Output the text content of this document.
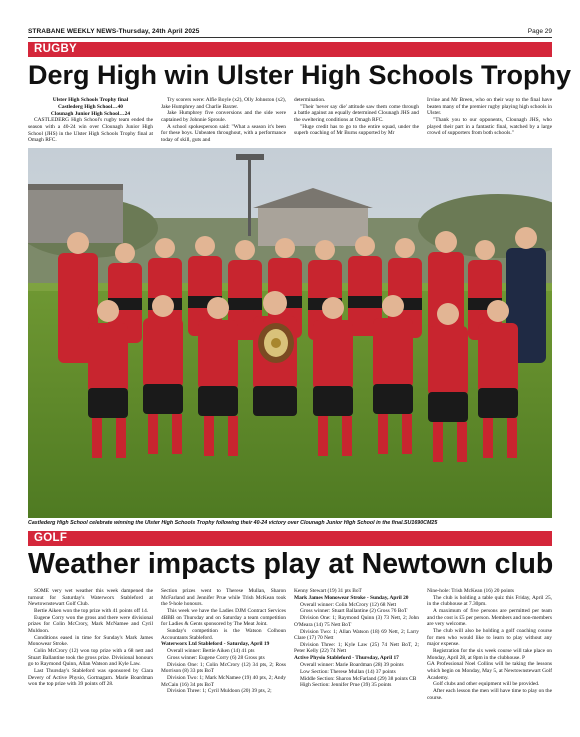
STRABANE WEEKLY NEWS-Thursday, 24th April 2025	Page 29
RUGBY
Derg High win Ulster High Schools Trophy

Ulster High Schools Trophy final

Castlederg High School…40

Clounagh Junior High School…24

CASTLEDERG High School's rugby team ended the season with a 40-24 win over Clounagh Junior High School (JHS) in the Ulster High Schools Trophy final at Omagh RFC.

Try scorers were: Alfie Boyle (x2), Olly Johnston (x2), Jake Humphrey and Charlie Baxter.

Jake Humphrey five conversions and the side were captained by Johnnie Sproule.

A school spokesperson said: "What a season it's been for these boys. Unbeaten throughout, with a performance today of skill, guts and

determination.

"Their 'never say die' attitude saw them come through a battle against an equally determined Clounagh JHS and the sweltering conditions at Omagh RFC.

"Huge credit has to go to the entire squad, under the superb coaching of Mr Burns supported by Mr

Irvine and Mr Breen, who on their way to the final have beaten many of the premier rugby playing high schools in Ulster.

"Thank you to our opponents, Clounagh JHS, who played their part in a fantastic final, watched by a large crowd of supporters from both schools."

Castlederg High School celebrate winning the Ulster High Schools Trophy following their 40-24 victory over Clounagh Junior High School in the final.SU1690CM25
GOLF
Weather impacts play at Newtown club

SOME very wet weather this week dampened the turnout for Saturday's Waterworx Stableford at Newtownstewart Golf Club.

Bertie Aiken won the top prize with 41 points off 14.

Eugene Corry won the gross and there were divisional prizes for Colin McCrory, Mark McNamee and Cyril Muldoon.

Conditions eased in time for Sunday's Mark James Monowear Stroke.

Colin McCrory (12) won top prize with a 68 nett and Stuart Ballantine took the gross prize. Divisional honours go to Raymond Quinn, Allan Watson and Kyle Law.

Last Thursday's Stableford was sponsored by Ciara Devery of Active Physio, Gortnagarn. Marie Boardman won the top prize with 39 points off 28.

Section prizes went to Therese Mullan, Sharon McFarland and Jennifer Prue while Trish McKean took the 9-hole honours.

This week we have the Ladies DJM Contract Services 4BBB on Thursday and on Saturday a team competition for Ladies & Gents sponsored by The Meat Joint.

Sunday's competition is the Watson Colhoun Accountants Stableford.

Waterworx Ltd Stableford - Saturday, April 19

Overall winner: Bertie Aiken (14) 41 pts

Gross winner: Eugene Corry (6) 28 Gross pts

Division One: 1; Colin McCrory (12) 34 pts, 2; Ross Morrison (8) 33 pts BoT

Division Two: 1; Mark McNamee (19) 40 pts, 2; Andy McCain (16) 34 pts BoT

Division Three: 1; Cyril Muldoon (20) 39 pts, 2;

Kenny Stewart (19) 31 pts BoT

Mark James Monowear Stroke - Sunday, April 20

Overall winner: Colin McCrory (12) 68 Nett

Gross winner: Stuart Ballantine (2) Gross 76 BoT

Division One: 1; Raymond Quinn (3) 73 Nett, 2; John O'Meara (14) 75 Nett BoT

Division Two: 1; Allan Watson (18) 69 Nett, 2; Larry Clare (17) 70 Nett

Division Three: 1; Kyle Law (25) 74 Nett BoT, 2; Peter Kelly (22) 74 Nett

Active Physio Stableford - Thursday, April 17

Overall winner: Marie Boardman (28) 39 points

Low Section: Therese Mullan (14) 37 points

Middle Section: Sharon McFarland (29) 38 points CB

High Section: Jennifer Prue (39) 35 points

Nine-hole: Trish McKean (16) 20 points

The club is holding a table quiz this Friday, April 25, in the clubhouse at 7.30pm.

A maximum of five persons are permitted per team and the cost is £5 per person. Members and non-members are very welcome.

The club will also be holding a golf coaching course for men who would like to learn to play without any major expense.

Registration for the six week course will take place on Monday, April 28, at 8pm in the clubhouse. P

GA Professional Noel Collins will be taking the lessons which begin on Monday, May 5, at Newtownstewart Golf Academy.

Golf clubs and other equipment will be provided.

After each lesson the men will have time to play on the course.
